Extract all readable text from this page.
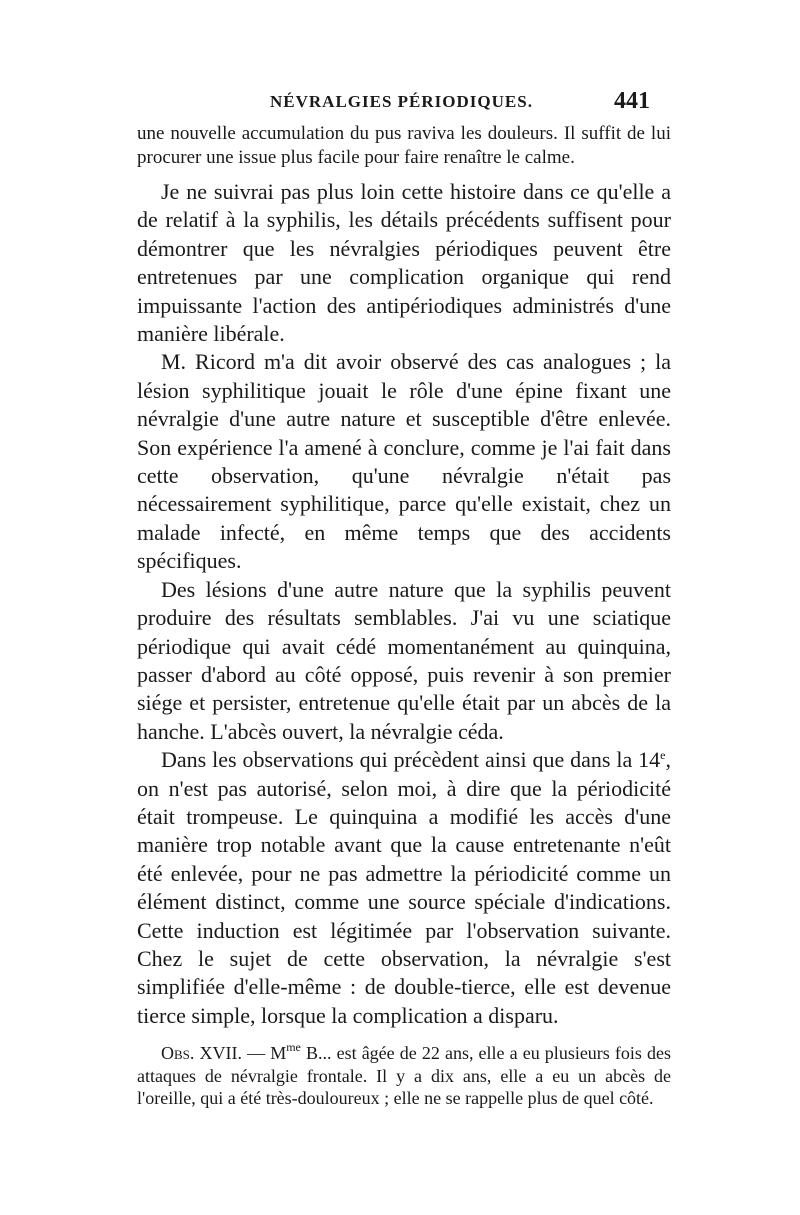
NÉVRALGIES PÉRIODIQUES.	441

une nouvelle accumulation du pus raviva les douleurs. Il suffit de lui procurer une issue plus facile pour faire renaître le calme.

Je ne suivrai pas plus loin cette histoire dans ce qu'elle a de relatif à la syphilis, les détails précédents suffisent pour démontrer que les névralgies périodiques peuvent être entretenues par une complication organique qui rend impuissante l'action des antipériodiques administrés d'une manière libérale.

M. Ricord m'a dit avoir observé des cas analogues ; la lésion syphilitique jouait le rôle d'une épine fixant une névralgie d'une autre nature et susceptible d'être enlevée. Son expérience l'a amené à conclure, comme je l'ai fait dans cette observation, qu'une névralgie n'était pas nécessairement syphilitique, parce qu'elle existait, chez un malade infecté, en même temps que des accidents spécifiques.

Des lésions d'une autre nature que la syphilis peuvent produire des résultats semblables. J'ai vu une sciatique périodique qui avait cédé momentanément au quinquina, passer d'abord au côté opposé, puis revenir à son premier siége et persister, entretenue qu'elle était par un abcès de la hanche. L'abcès ouvert, la névralgie céda.

Dans les observations qui précèdent ainsi que dans la 14e, on n'est pas autorisé, selon moi, à dire que la périodicité était trompeuse. Le quinquina a modifié les accès d'une manière trop notable avant que la cause entretenante n'eût été enlevée, pour ne pas admettre la périodicité comme un élément distinct, comme une source spéciale d'indications. Cette induction est légitimée par l'observation suivante. Chez le sujet de cette observation, la névralgie s'est simplifiée d'elle-même : de double-tierce, elle est devenue tierce simple, lorsque la complication a disparu.

Obs. XVII. — $M^{me}$ B... est âgée de 22 ans, elle a eu plusieurs fois des attaques de névralgie frontale. Il y a dix ans, elle a eu un abcès de l'oreille, qui a été très-douloureux ; elle ne se rappelle plus de quel côté.
